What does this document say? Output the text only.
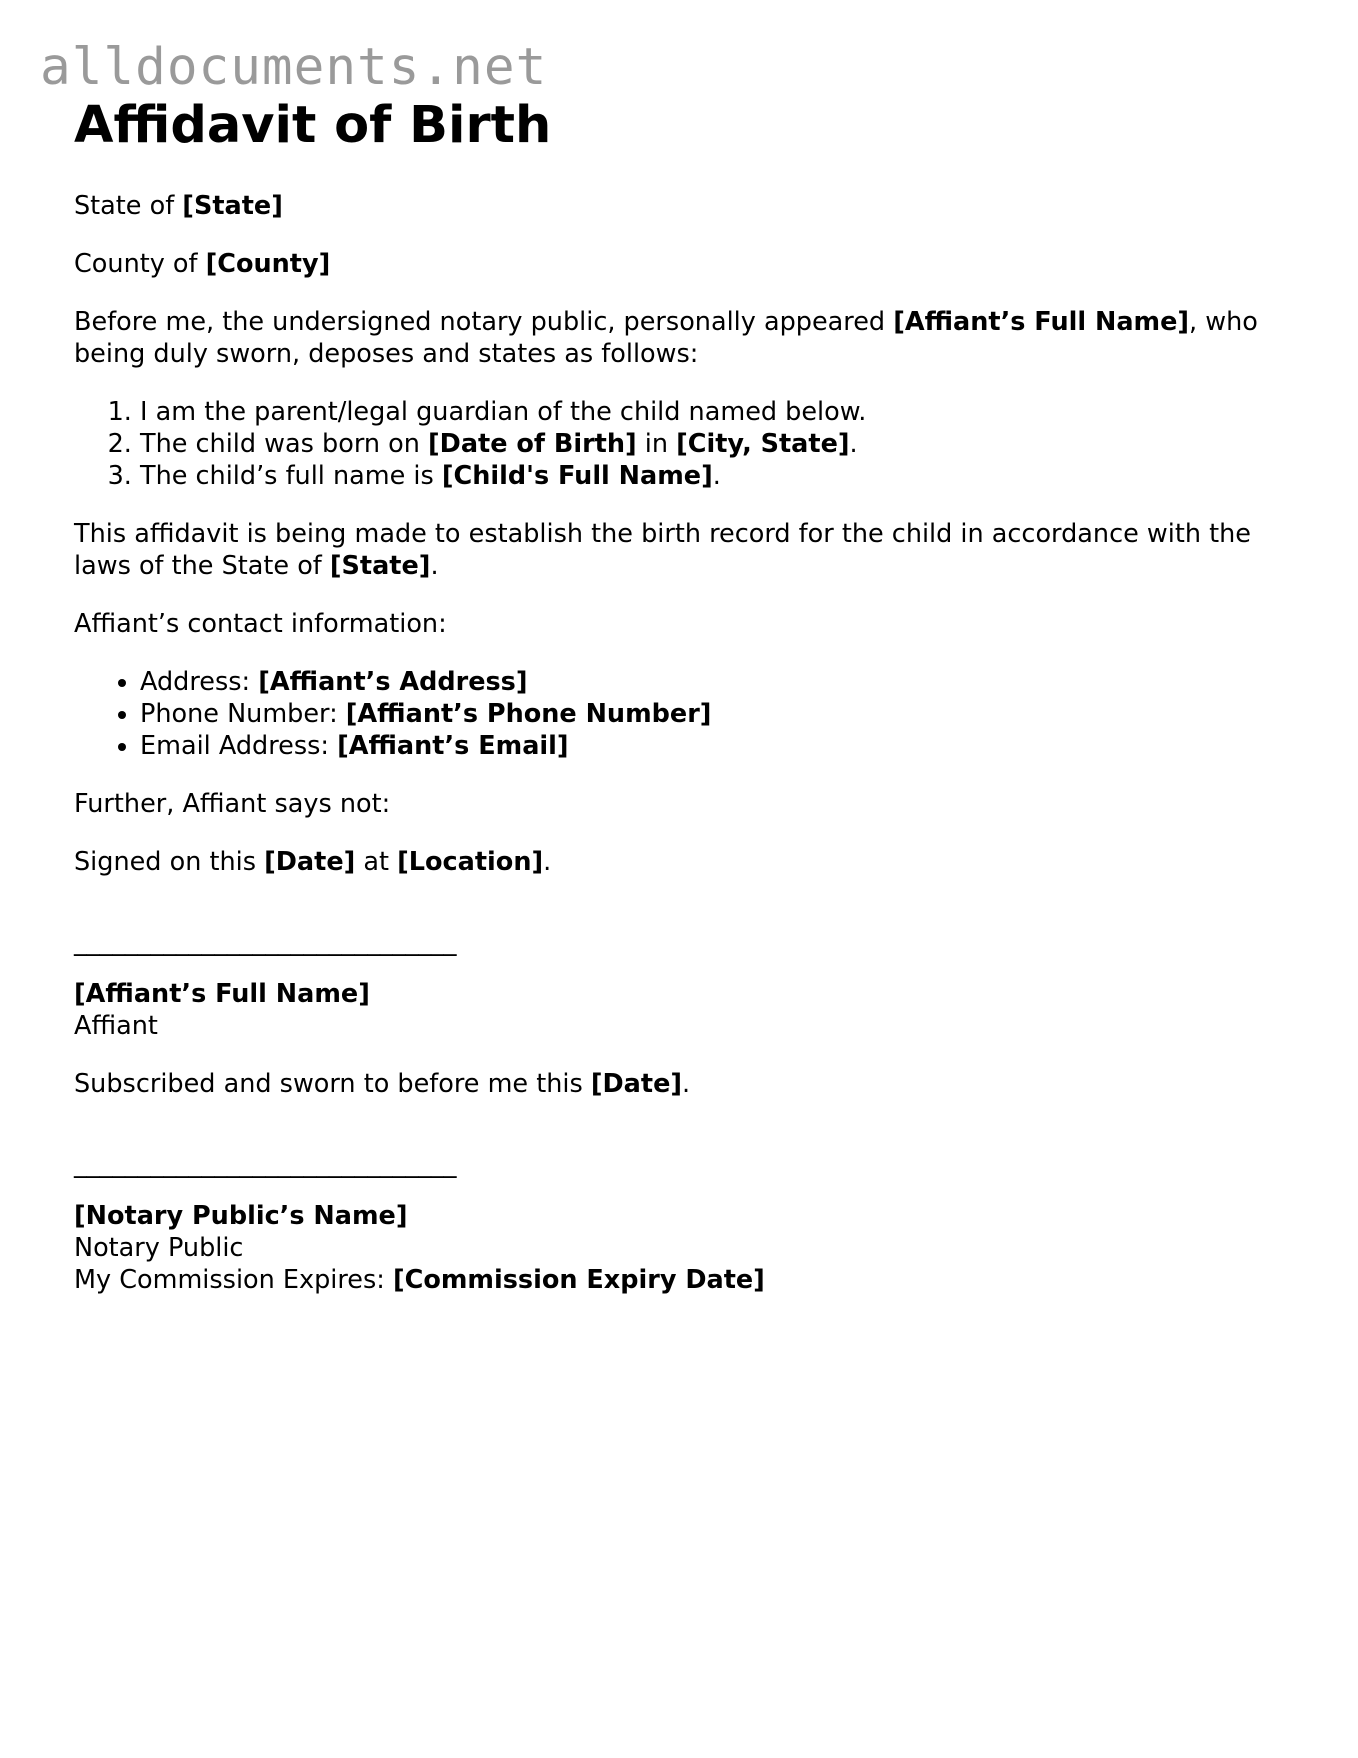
alldocuments.net
Affidavit of Birth

State of [State]

County of [County]

Before me, the undersigned notary public, personally appeared [Affiant’s Full Name], who being duly sworn, deposes and states as follows:

1. I am the parent/legal guardian of the child named below.
2. The child was born on [Date of Birth] in [City, State].
3. The child’s full name is [Child's Full Name].

This affidavit is being made to establish the birth record for the child in accordance with the laws of the State of [State].

Affiant’s contact information:

• Address: [Affiant’s Address]
• Phone Number: [Affiant’s Phone Number]
• Email Address: [Affiant’s Email]

Further, Affiant says not:

Signed on this [Date] at [Location].

______________________________
[Affiant’s Full Name]
Affiant

Subscribed and sworn to before me this [Date].

______________________________
[Notary Public’s Name]
Notary Public
My Commission Expires: [Commission Expiry Date]
